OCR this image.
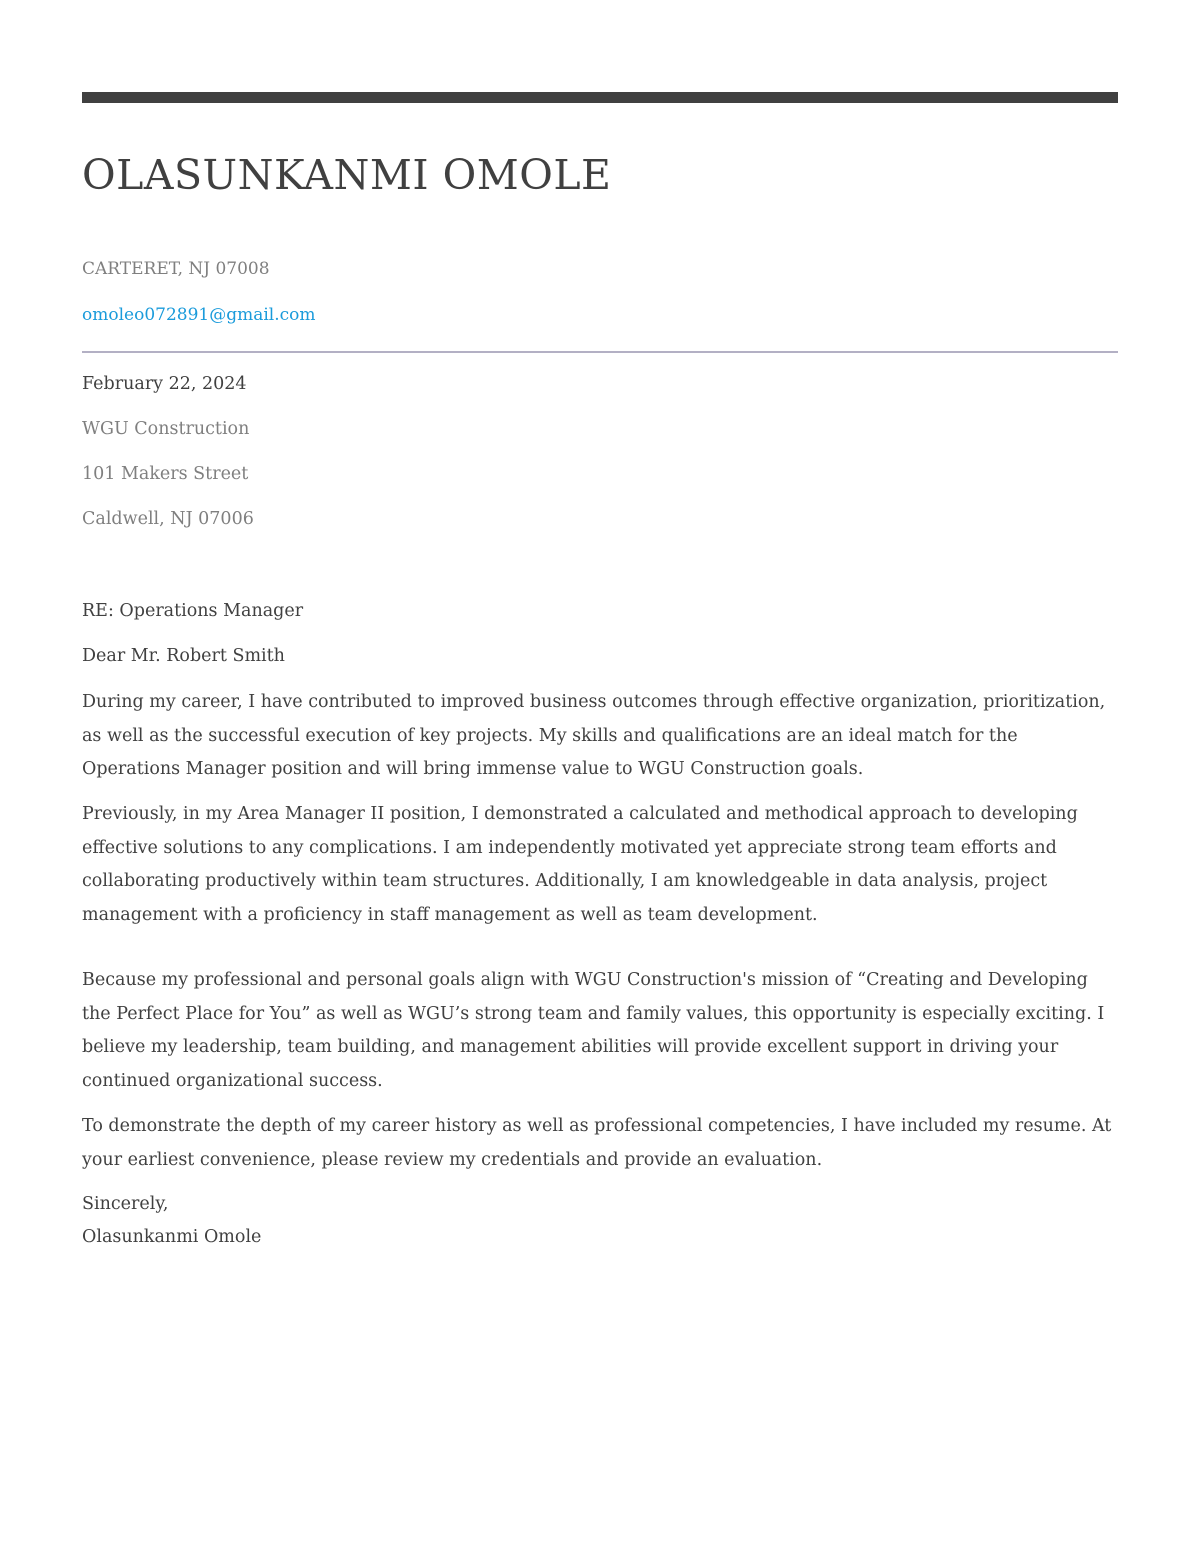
OLASUNKANMI OMOLE
CARTERET, NJ 07008
omoleo072891@gmail.com
February 22, 2024
WGU Construction
101 Makers Street
Caldwell, NJ 07006
RE: Operations Manager
Dear Mr. Robert Smith

During my career, I have contributed to improved business outcomes through effective organization, prioritization, as well as the successful execution of key projects. My skills and qualifications are an ideal match for the Operations Manager position and will bring immense value to WGU Construction goals.

Previously, in my Area Manager II position, I demonstrated a calculated and methodical approach to developing effective solutions to any complications. I am independently motivated yet appreciate strong team efforts and collaborating productively within team structures. Additionally, I am knowledgeable in data analysis, project management with a proficiency in staff management as well as team development.

Because my professional and personal goals align with WGU Construction's mission of “Creating and Developing the Perfect Place for You” as well as WGU’s strong team and family values, this opportunity is especially exciting. I believe my leadership, team building, and management abilities will provide excellent support in driving your continued organizational success.

To demonstrate the depth of my career history as well as professional competencies, I have included my resume. At your earliest convenience, please review my credentials and provide an evaluation.

Sincerely,
Olasunkanmi Omole
